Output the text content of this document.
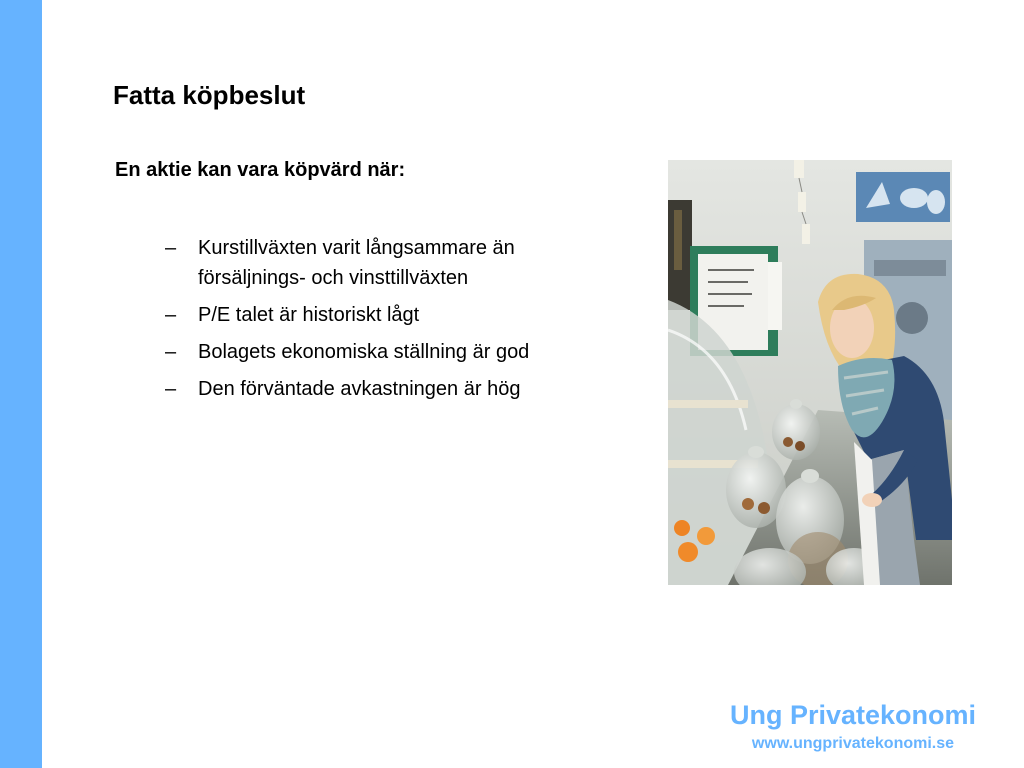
Fatta köpbeslut
En aktie kan vara köpvärd när:
– Kurstillväxten varit långsammare än försäljnings- och vinsttillväxten
– P/E talet är historiskt lågt
– Bolagets ekonomiska ställning är god
– Den förväntade avkastningen är hög
Ung Privatekonomi
www.ungprivatekonomi.se
